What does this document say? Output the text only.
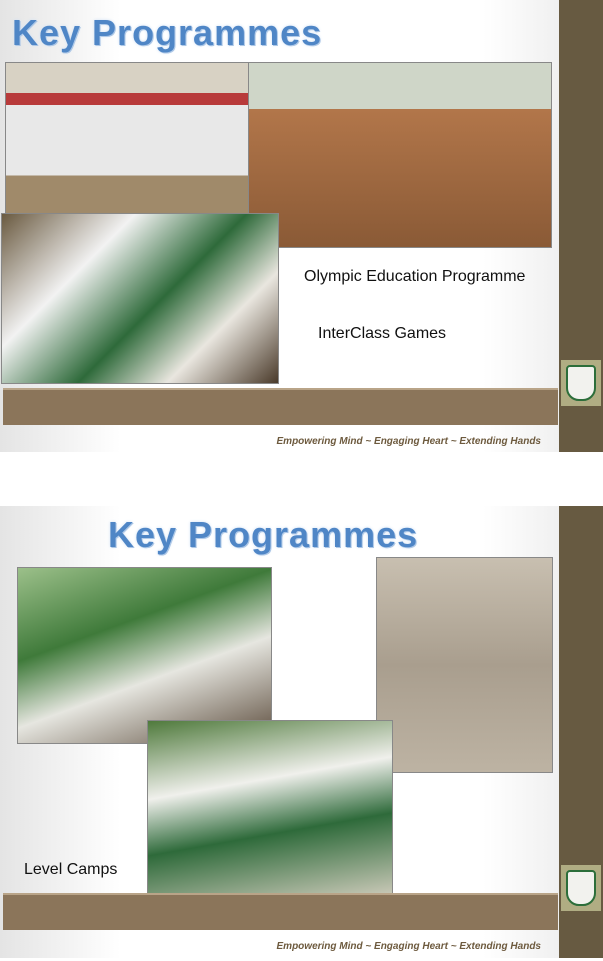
Key Programmes
Olympic Education Programme
InterClass Games
Empowering Mind ~ Engaging Heart ~ Extending Hands
Key Programmes
Level Camps
Empowering Mind ~ Engaging Heart ~ Extending Hands
